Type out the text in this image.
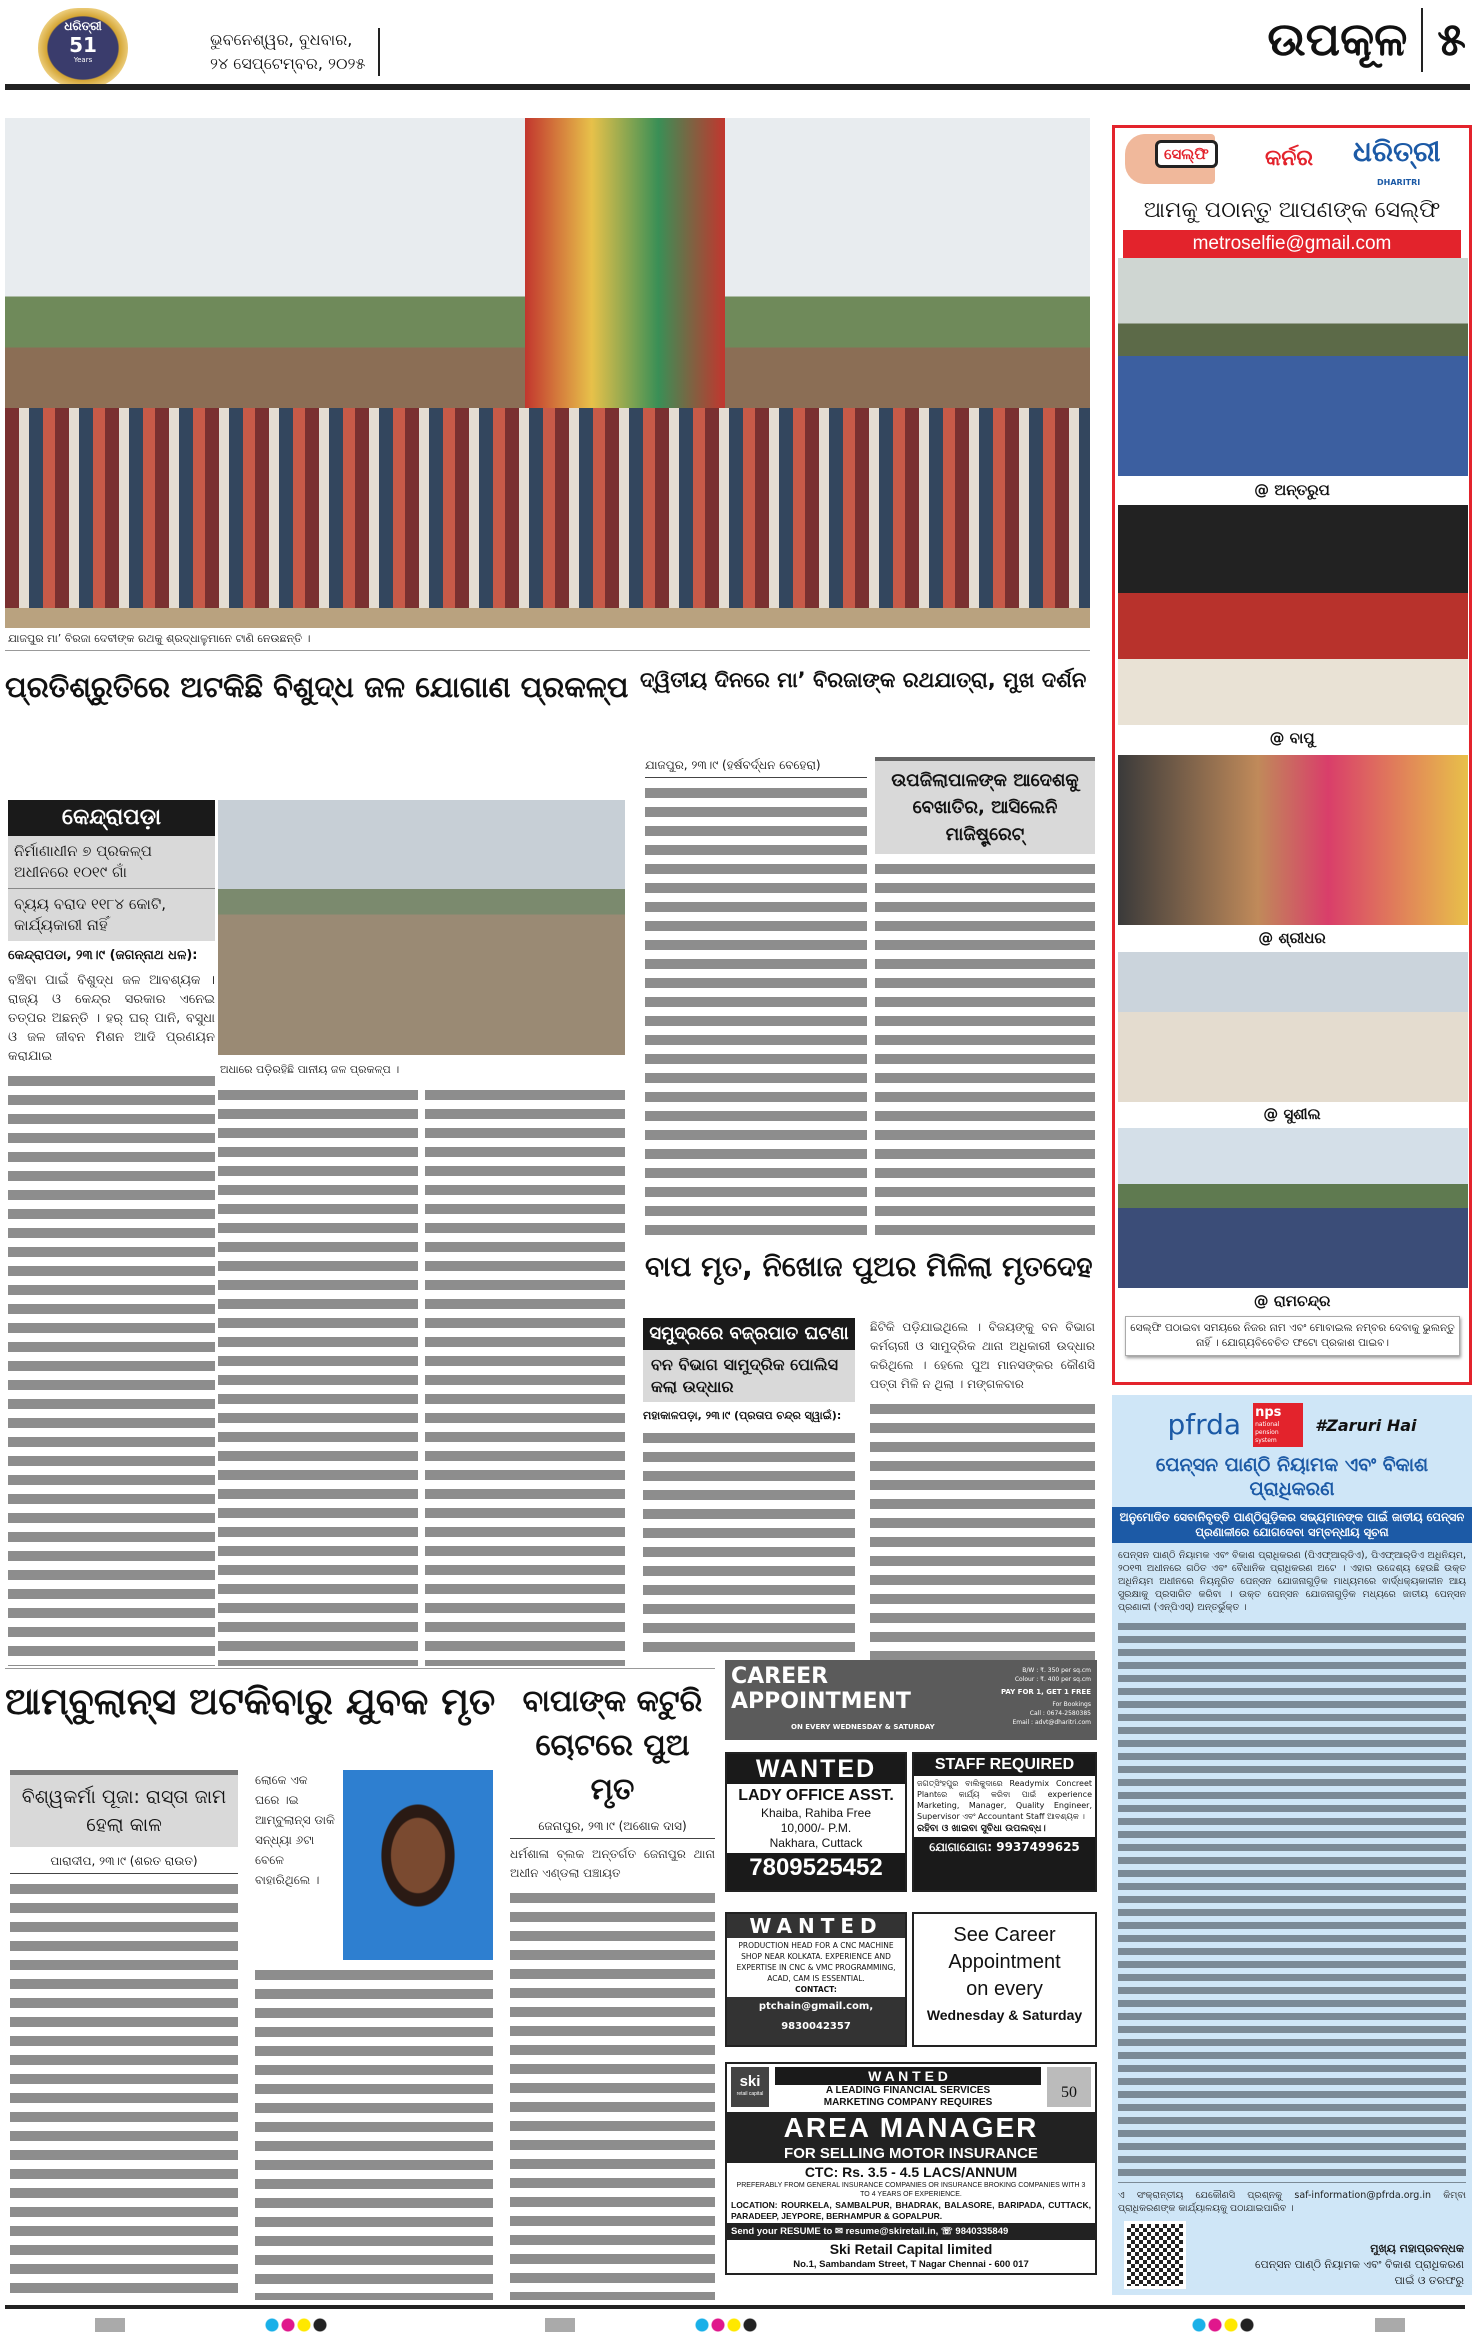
ଧରିତ୍ରୀ
51
Years
ଭୁବନେଶ୍ୱର, ବୁଧବାର,
୨୪ ସେପ୍ଟେମ୍ବର, ୨୦୨୫	ଉପକୂଳ ୫
ଯାଜପୁର ମା’ ବିରଜା ଦେବୀଙ୍କ ରଥକୁ ଶ୍ରଦ୍ଧାଳୁମାନେ ଟାଣି ନେଉଛନ୍ତି ।
ପ୍ରତିଶ୍ରୁତିରେ ଅଟକିଛି ବିଶୁଦ୍ଧ ଜଳ ଯୋଗାଣ ପ୍ରକଳ୍ପ
କେନ୍ଦ୍ରାପଡ଼ା
ନିର୍ମାଣାଧୀନ ୭ ପ୍ରକଳ୍ପ ଅଧୀନରେ ୧୦୧୯ ଗାଁ
ବ୍ୟୟ ବରାଦ ୧୧୮୪ କୋଟି, କାର୍ଯ୍ୟକାରୀ ନାହିଁ
କେନ୍ଦ୍ରାପଡା, ୨୩।୯ (ଜଗନ୍ନାଥ ଧଳ):
ବଞ୍ଚିବା ପାଇଁ ବିଶୁଦ୍ଧ ଜଳ ଆବଶ୍ୟକ । ରାଜ୍ୟ ଓ କେନ୍ଦ୍ର ସରକାର ଏନେଇ ତତ୍ପର ଅଛନ୍ତି । ହର୍ ଘର୍ ପାନି, ବସୁଧା ଓ ଜଳ ଜୀବନ ମିଶନ ଆଦି ପ୍ରଣୟନ କରାଯାଇ
ଅଧାରେ ପଡ଼ିରହିଛି ପାନୀୟ ଜଳ ପ୍ରକଳ୍ପ ।
ଦ୍ୱିତୀୟ ଦିନରେ ମା’ ବିରଜାଙ୍କ ରଥଯାତ୍ରା, ମୁଖ ଦର୍ଶନ
ଯାଜପୁର, ୨୩।୯ (ହର୍ଷବର୍ଦ୍ଧନ ବେହେରା)
ଉପଜିଲାପାଳଙ୍କ ଆଦେଶକୁ ବେଖାତିର, ଆସିଲେନି ମାଜିଷ୍ଟ୍ରେଟ୍
ବାପ ମୃତ, ନିଖୋଜ ପୁଅର ମିଳିଲା ମୃତଦେହ
ସମୁଦ୍ରରେ ବଜ୍ରପାତ ଘଟଣା
ବନ ବିଭାଗ ସାମୁଦ୍ରିକ ପୋଲିସ କଲା ଉଦ୍ଧାର
ମହାକାଳପଡ଼ା, ୨୩।୯ (ପ୍ରତାପ ଚନ୍ଦ୍ର ସ୍ୱାଇଁ):
ଛିଟିକି ପଡ଼ିଯାଇଥିଲେ । ବିଜୟଙ୍କୁ ବନ ବିଭାଗ କର୍ମଚାରୀ ଓ ସାମୁଦ୍ରିକ ଥାନା ଅଧିକାରୀ ଉଦ୍ଧାର କରିଥିଲେ । ହେଲେ ପୁଅ ମାନସଙ୍କର କୌଣସି ପତ୍ତା ମିଳି ନ ଥିଲା । ମଙ୍ଗଳବାର
ଆମ୍ବୁଲାନ୍ସ ଅଟକିବାରୁ ଯୁବକ ମୃତ
ବିଶ୍ୱକର୍ମା ପୂଜା: ରାସ୍ତା ଜାମ ହେଲା କାଳ
ପାରାଦୀପ, ୨୩।୯ (ଶରତ ରାଉତ)
ଲୋକେ ଏକ ଘରେ ।ଇ ଆମ୍ବୁଲାନ୍ସ ଡାକି ସନ୍ଧ୍ୟା ୬ଟା ବେଳେ ବାହାରିଥିଲେ ।
ବାପାଙ୍କ କଟୁରି ଚୋଟରେ ପୁଅ ମୃତ
ଜେନାପୁର, ୨୩।୯ (ଅଶୋକ ଦାସ)
ଧର୍ମଶାଳା ବ୍ଲକ ଅନ୍ତର୍ଗତ ଜେନାପୁର ଥାନା ଅଧୀନ ଏଣ୍ଡଲା ପଞ୍ଚାୟତ
ସେଲ୍‌ଫି	କର୍ନର ଧରିତ୍ରୀ
DHARITRI
ଆମକୁ ପଠାନ୍ତୁ ଆପଣଙ୍କ ସେଲ୍‌ଫି
metroselfie@gmail.com
@ ଅନ୍ତରୁପ
@ ବାପୁ
@ ଶ୍ରୀଧର
@ ସୁଶୀଲ
@ ରାମଚନ୍ଦ୍ର
ସେଲ୍‌ଫି ପଠାଇବା ସମୟରେ ନିଜର ନାମ ଏବଂ ମୋବାଇଲ ନମ୍ବର ଦେବାକୁ ଭୁଲନ୍ତୁ ନାହିଁ । ଯୋଗ୍ୟବିବେଚିତ ଫଟୋ ପ୍ରକାଶ ପାଇବ।
pfrda nps
national pension system
#Zaruri Hai
ପେନ୍‌ସନ ପାଣ୍ଠି ନିୟାମକ ଏବଂ ବିକାଶ ପ୍ରାଧିକରଣ
ଅନୁମୋଦିତ ସେବାନିବୃତ୍ତି ପାଣ୍ଠିଗୁଡ଼ିକର ସଭ୍ୟମାନଙ୍କ ପାଇଁ ଜାତୀୟ ପେନ୍‌ସନ ପ୍ରଣାଳୀରେ ଯୋଗଦେବା ସମ୍ବନ୍ଧୀୟ ସୂଚନା
ପେନ୍‌ସନ ପାଣ୍ଠି ନିୟାମକ ଏବଂ ବିକାଶ ପ୍ରାଧିକରଣ (ପିଏଫ୍‌ଆର୍‌ଡିଏ), ପିଏଫ୍‌ଆର୍‌ଡିଏ ଅଧିନିୟମ, ୨୦୧୩ ଅଧୀନରେ ଗଠିତ ଏବଂ ବୈଧାନିକ ପ୍ରାଧିକରଣ ଅଟେ । ଏହାର ଉଦ୍ଦେଶ୍ୟ ହେଉଛି ଉକ୍ତ ଅଧିନିୟମ ଅଧୀନରେ ନିୟନ୍ତ୍ରିତ ପେନ୍‌ସନ ଯୋଜନାଗୁଡ଼ିକ ମାଧ୍ୟମରେ ବାର୍ଦ୍ଧକ୍ୟକାଳୀନ ଆୟ ସୁରକ୍ଷାକୁ ପ୍ରସାରିତ କରିବା । ଉକ୍ତ ପେନ୍‌ସନ ଯୋଜନାଗୁଡ଼ିକ ମଧ୍ୟରେ ଜାତୀୟ ପେନ୍‌ସନ ପ୍ରଣାଳୀ (ଏନ୍‌ପିଏସ୍) ଅନ୍ତର୍ଭୁକ୍ତ ।
ଏ ସଂକ୍ରାନ୍ତୀୟ ଯେକୌଣସି ପ୍ରଶ୍ନକୁ saf-information@pfrda.org.in କିମ୍ବା ପ୍ରାଧିକରଣଙ୍କ କାର୍ଯ୍ୟାଳୟକୁ ପଠାଯାଇପାରିବ ।
ମୁଖ୍ୟ ମହାପ୍ରବନ୍ଧକ
ପେନ୍‌ସନ ପାଣ୍ଠି ନିୟାମକ ଏବଂ ବିକାଶ ପ୍ରାଧିକରଣ
ପାଇଁ ଓ ତରଫରୁ
CAREER
APPOINTMENT
ON EVERY WEDNESDAY & SATURDAY
B/W : ₹. 350 per sq.cm
Colour : ₹. 400 per sq.cm
PAY FOR 1, GET 1 FREE
For Bookings
Call : 0674-2580385
Email : advt@dharitri.com
WANTED
LADY OFFICE ASST.
Khaiba, Rahiba Free
10,000/- P.M.
Nakhara, Cuttack
7809525452
STAFF REQUIRED
ଜଗତ୍‌ସିଂହପୁର ବାଲିକୁଦାରେ Readymix Concreet Plantରେ କାର୍ଯ୍ୟ କରିବା ପାଇଁ experience Marketing, Manager, Quality Engineer, Supervisor ଏବଂ Accountant Staff ଆବଶ୍ୟକ ।
ରହିବା ଓ ଖାଇବା ସୁବିଧା ଉପଲବ୍ଧ।
ଯୋଗାଯୋଗ: 9937499625
WANTED
PRODUCTION HEAD FOR A CNC MACHINE SHOP NEAR KOLKATA. EXPERIENCE AND EXPERTISE IN CNC & VMC PROGRAMMING, ACAD, CAM IS ESSENTIAL.
CONTACT:
ptchain@gmail.com, 9830042357
See Career
Appointment
on every
Wednesday & Saturday
ski
retail capital
W A N T E D
A LEADING FINANCIAL SERVICES
MARKETING COMPANY REQUIRES
50
AREA MANAGER
FOR SELLING MOTOR INSURANCE
CTC: Rs. 3.5 - 4.5 LACS/ANNUM
PREFERABLY FROM GENERAL INSURANCE COMPANIES OR INSURANCE BROKING COMPANIES WITH 3 TO 4 YEARS OF EXPERIENCE.
LOCATION: ROURKELA, SAMBALPUR, BHADRAK, BALASORE, BARIPADA, CUTTACK, PARADEEP, JEYPORE, BERHAMPUR & GOPALPUR.
Send your RESUME to ✉ resume@skiretail.in, ☏ 9840335849
Ski Retail Capital limited
No.1, Sambandam Street, T Nagar Chennai - 600 017
